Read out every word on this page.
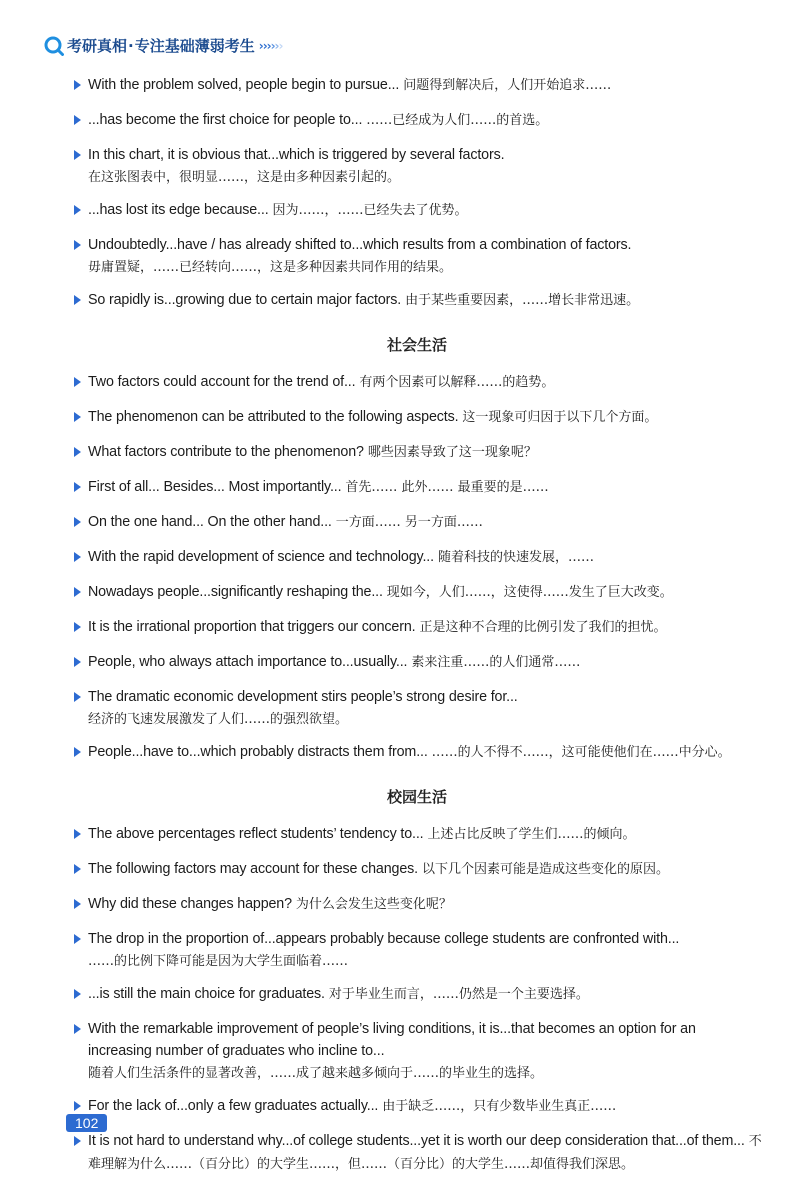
考研真相 · 专注基础薄弱考生 ››››››
With the problem solved, people begin to pursue... 问题得到解决后，人们开始追求……
...has become the first choice for people to... ……已经成为人们……的首选。
In this chart, it is obvious that...which is triggered by several factors.
在这张图表中，很明显……，这是由多种因素引起的。
...has lost its edge because... 因为……，……已经失去了优势。
Undoubtedly...have / has already shifted to...which results from a combination of factors.
毋庸置疑，……已经转向……，这是多种因素共同作用的结果。
So rapidly is...growing due to certain major factors. 由于某些重要因素，……增长非常迅速。
社会生活
Two factors could account for the trend of... 有两个因素可以解释……的趋势。
The phenomenon can be attributed to the following aspects. 这一现象可归因于以下几个方面。
What factors contribute to the phenomenon? 哪些因素导致了这一现象呢？
First of all... Besides... Most importantly... 首先…… 此外…… 最重要的是……
On the one hand... On the other hand... 一方面…… 另一方面……
With the rapid development of science and technology... 随着科技的快速发展，……
Nowadays people...significantly reshaping the... 现如今，人们……，这使得……发生了巨大改变。
It is the irrational proportion that triggers our concern. 正是这种不合理的比例引发了我们的担忧。
People, who always attach importance to...usually... 素来注重……的人们通常……
The dramatic economic development stirs people’s strong desire for...
经济的飞速发展激发了人们……的强烈欲望。
People...have to...which probably distracts them from... ……的人不得不……，这可能使他们在……中分心。
校园生活
The above percentages reflect students’ tendency to... 上述占比反映了学生们……的倾向。
The following factors may account for these changes. 以下几个因素可能是造成这些变化的原因。
Why did these changes happen? 为什么会发生这些变化呢？
The drop in the proportion of...appears probably because college students are confronted with...
……的比例下降可能是因为大学生面临着……
...is still the main choice for graduates. 对于毕业生而言，……仍然是一个主要选择。
With the remarkable improvement of people’s living conditions, it is...that becomes an option for an increasing number of graduates who incline to...
随着人们生活条件的显著改善，……成了越来越多倾向于……的毕业生的选择。
For the lack of...only a few graduates actually... 由于缺乏……，只有少数毕业生真正……
It is not hard to understand why...of college students...yet it is worth our deep consideration that...of them... 不难理解为什么……（百分比）的大学生……，但……（百分比）的大学生……却值得我们深思。
102
